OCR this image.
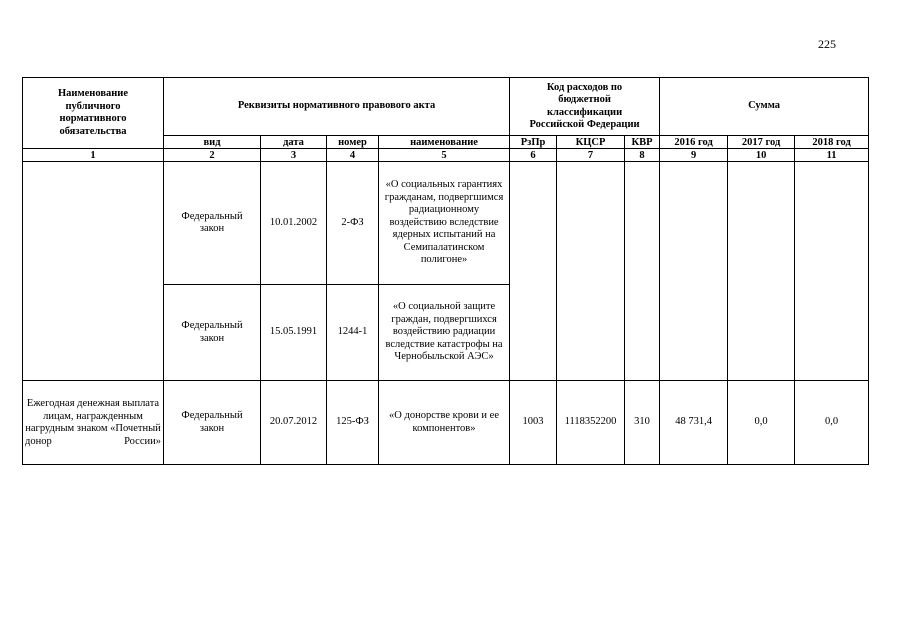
225
Наименование публичного нормативного обязательства	Реквизиты нормативного правового акта				Код расходов по бюджетной классификации Российской Федерации			Сумма		
	вид	дата	номер	наименование	РзПр	КЦСР	КВР	2016 год	2017 год	2018 год
1	2	3	4	5	6	7	8	9	10	11
	Федеральный закон	10.01.2002	2-ФЗ	«О социальных гарантиях гражданам, подвергшимся радиационному воздействию вследствие ядерных испытаний на Семипалатинском полигоне»						
	Федеральный закон	15.05.1991	1244-1	«О социальной защите граждан, подвергшихся воздействию радиации вследствие катастрофы на Чернобыльской АЭС»						
Ежегодная денежная выплата лицам, награжденным нагрудным знаком «Почетный донор России»	Федеральный закон	20.07.2012	125-ФЗ	«О донорстве крови и ее компонентов»	1003	1118352200	310	48 731,4	0,0	0,0
